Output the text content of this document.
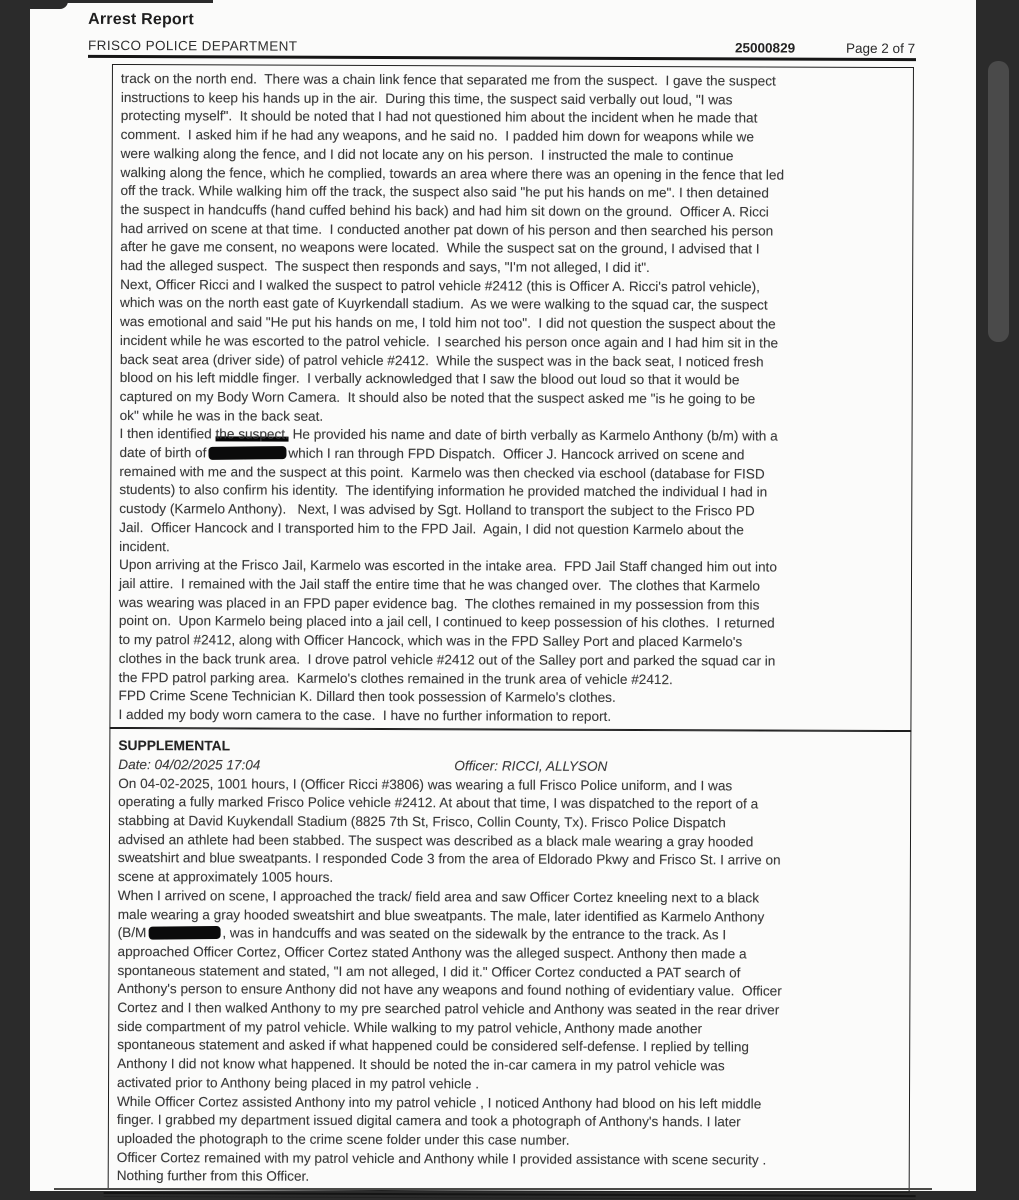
Arrest Report
FRISCO POLICE DEPARTMENT	25000829	Page 2 of 7
track on the north end.  There was a chain link fence that separated me from the suspect.  I gave the suspect
instructions to keep his hands up in the air.  During this time, the suspect said verbally out loud, "I was
protecting myself".  It should be noted that I had not questioned him about the incident when he made that
comment.  I asked him if he had any weapons, and he said no.  I padded him down for weapons while we
were walking along the fence, and I did not locate any on his person.  I instructed the male to continue
walking along the fence, which he complied, towards an area where there was an opening in the fence that led
off the track. While walking him off the track, the suspect also said "he put his hands on me". I then detained
the suspect in handcuffs (hand cuffed behind his back) and had him sit down on the ground.  Officer A. Ricci
had arrived on scene at that time.  I conducted another pat down of his person and then searched his person
after he gave me consent, no weapons were located.  While the suspect sat on the ground, I advised that I
had the alleged suspect.  The suspect then responds and says, "I'm not alleged, I did it".
Next, Officer Ricci and I walked the suspect to patrol vehicle #2412 (this is Officer A. Ricci's patrol vehicle),
which was on the north east gate of Kuyrkendall stadium.  As we were walking to the squad car, the suspect
was emotional and said "He put his hands on me, I told him not too".  I did not question the suspect about the
incident while he was escorted to the patrol vehicle.  I searched his person once again and I had him sit in the
back seat area (driver side) of patrol vehicle #2412.  While the suspect was in the back seat, I noticed fresh
blood on his left middle finger.  I verbally acknowledged that I saw the blood out loud so that it would be
captured on my Body Worn Camera.  It should also be noted that the suspect asked me "is he going to be
ok" while he was in the back seat.
I then identified the suspect. He provided his name and date of birth verbally as Karmelo Anthony (b/m) with a
date of birth of	which I ran through FPD Dispatch.  Officer J. Hancock arrived on scene and
remained with me and the suspect at this point.  Karmelo was then checked via eschool (database for FISD
students) to also confirm his identity.  The identifying information he provided matched the individual I had in
custody (Karmelo Anthony).   Next, I was advised by Sgt. Holland to transport the subject to the Frisco PD
Jail.  Officer Hancock and I transported him to the FPD Jail.  Again, I did not question Karmelo about the
incident.
Upon arriving at the Frisco Jail, Karmelo was escorted in the intake area.  FPD Jail Staff changed him out into
jail attire.  I remained with the Jail staff the entire time that he was changed over.  The clothes that Karmelo
was wearing was placed in an FPD paper evidence bag.  The clothes remained in my possession from this
point on.  Upon Karmelo being placed into a jail cell, I continued to keep possession of his clothes.  I returned
to my patrol #2412, along with Officer Hancock, which was in the FPD Salley Port and placed Karmelo's
clothes in the back trunk area.  I drove patrol vehicle #2412 out of the Salley port and parked the squad car in
the FPD patrol parking area.  Karmelo's clothes remained in the trunk area of vehicle #2412.
FPD Crime Scene Technician K. Dillard then took possession of Karmelo's clothes.
I added my body worn camera to the case.  I have no further information to report.
SUPPLEMENTAL
Date: 04/02/2025 17:04	Officer: RICCI, ALLYSON
On 04-02-2025, 1001 hours, I (Officer Ricci #3806) was wearing a full Frisco Police uniform, and I was
operating a fully marked Frisco Police vehicle #2412. At about that time, I was dispatched to the report of a
stabbing at David Kuykendall Stadium (8825 7th St, Frisco, Collin County, Tx). Frisco Police Dispatch
advised an athlete had been stabbed. The suspect was described as a black male wearing a gray hooded
sweatshirt and blue sweatpants. I responded Code 3 from the area of Eldorado Pkwy and Frisco St. I arrive on
scene at approximately 1005 hours.
When I arrived on scene, I approached the track/ field area and saw Officer Cortez kneeling next to a black
male wearing a gray hooded sweatshirt and blue sweatpants. The male, later identified as Karmelo Anthony
(B/M	, was in handcuffs and was seated on the sidewalk by the entrance to the track. As I
approached Officer Cortez, Officer Cortez stated Anthony was the alleged suspect. Anthony then made a
spontaneous statement and stated, "I am not alleged, I did it." Officer Cortez conducted a PAT search of
Anthony's person to ensure Anthony did not have any weapons and found nothing of evidentiary value.  Officer
Cortez and I then walked Anthony to my pre searched patrol vehicle and Anthony was seated in the rear driver
side compartment of my patrol vehicle. While walking to my patrol vehicle, Anthony made another
spontaneous statement and asked if what happened could be considered self-defense. I replied by telling
Anthony I did not know what happened. It should be noted the in-car camera in my patrol vehicle was
activated prior to Anthony being placed in my patrol vehicle .
While Officer Cortez assisted Anthony into my patrol vehicle , I noticed Anthony had blood on his left middle
finger. I grabbed my department issued digital camera and took a photograph of Anthony's hands. I later
uploaded the photograph to the crime scene folder under this case number.
Officer Cortez remained with my patrol vehicle and Anthony while I provided assistance with scene security .
Nothing further from this Officer.
